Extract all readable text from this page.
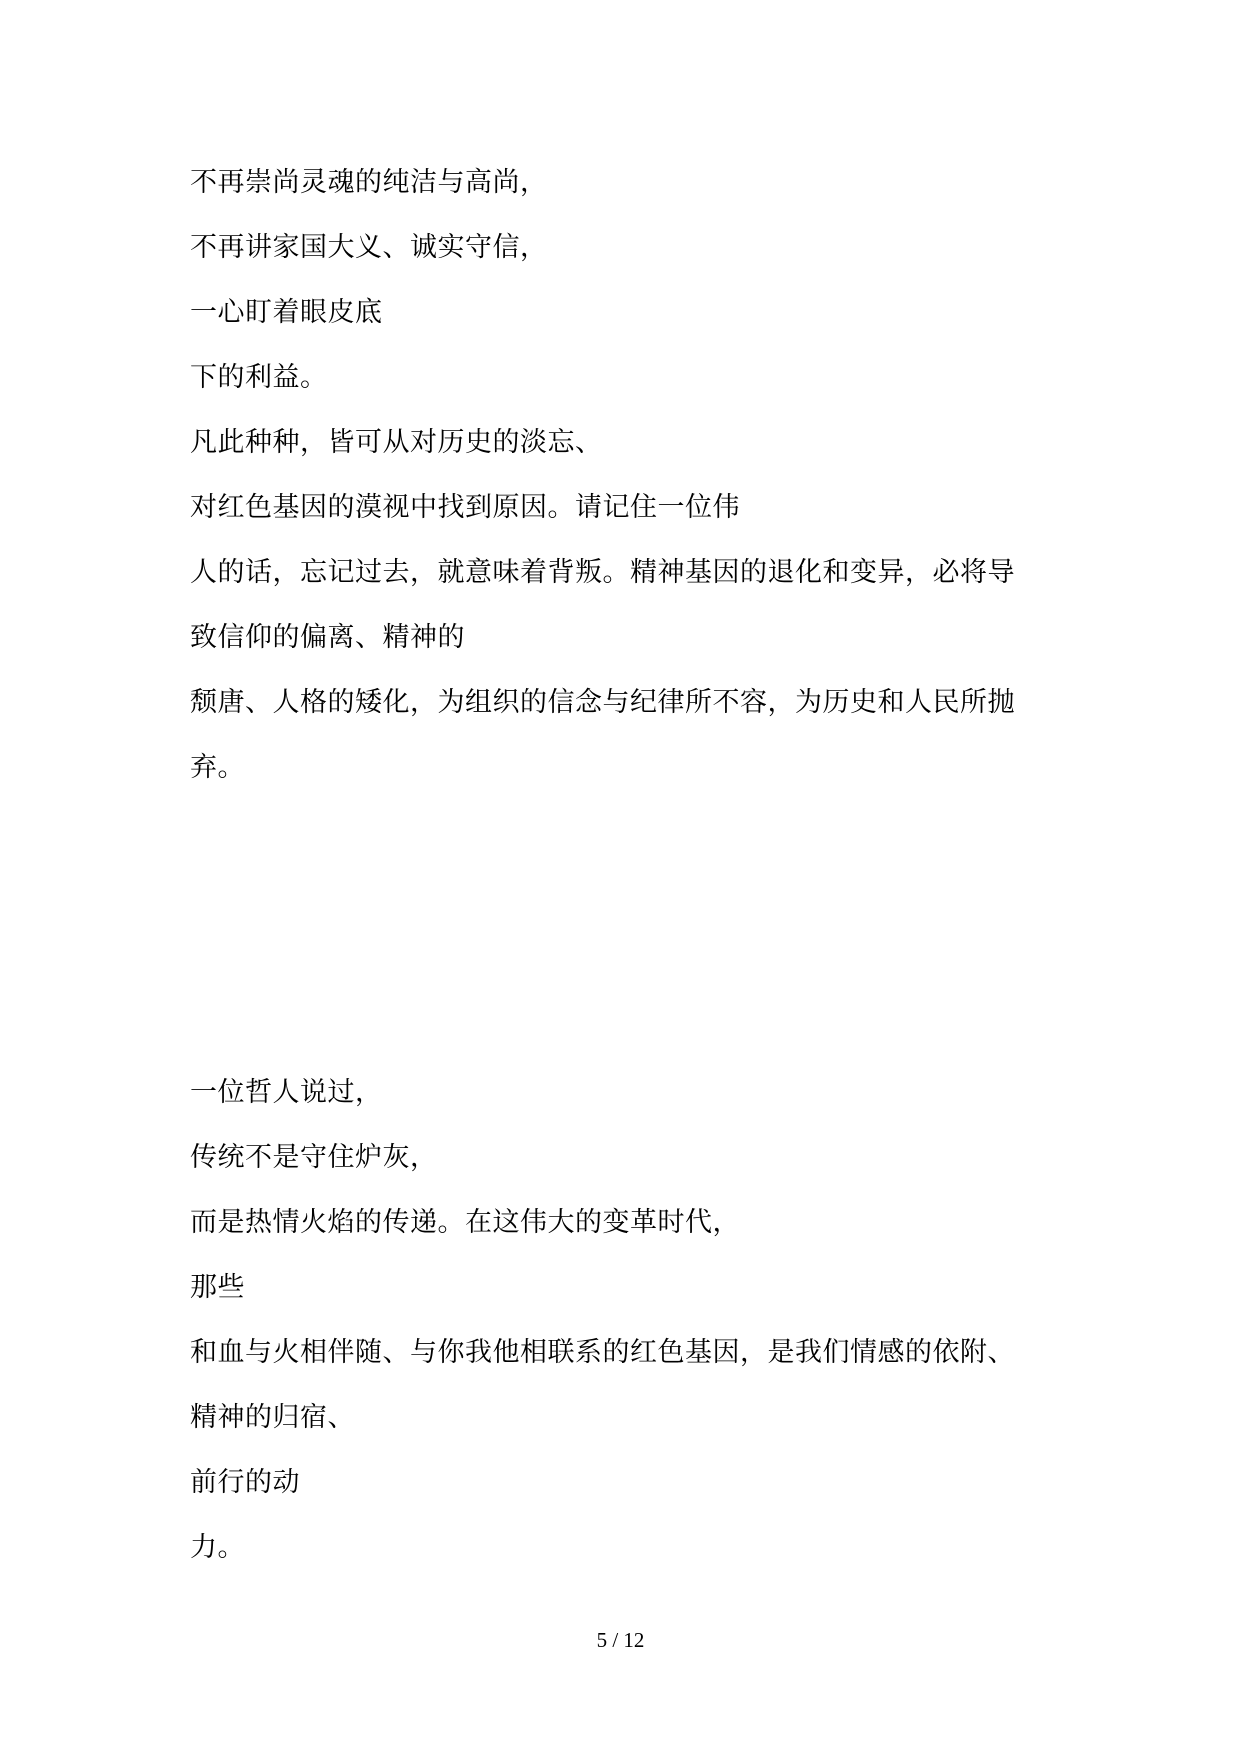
不再崇尚灵魂的纯洁与高尚，
不再讲家国大义、诚实守信，
一心盯着眼皮底
下的利益。
凡此种种，皆可从对历史的淡忘、
对红色基因的漠视中找到原因。请记住一位伟
人的话，忘记过去，就意味着背叛。精神基因的退化和变异，必将导
致信仰的偏离、精神的
颓唐、人格的矮化，为组织的信念与纪律所不容，为历史和人民所抛
弃。
一位哲人说过，
传统不是守住炉灰，
而是热情火焰的传递。在这伟大的变革时代，
那些
和血与火相伴随、与你我他相联系的红色基因，是我们情感的依附、
精神的归宿、
前行的动
力。
5 / 12
